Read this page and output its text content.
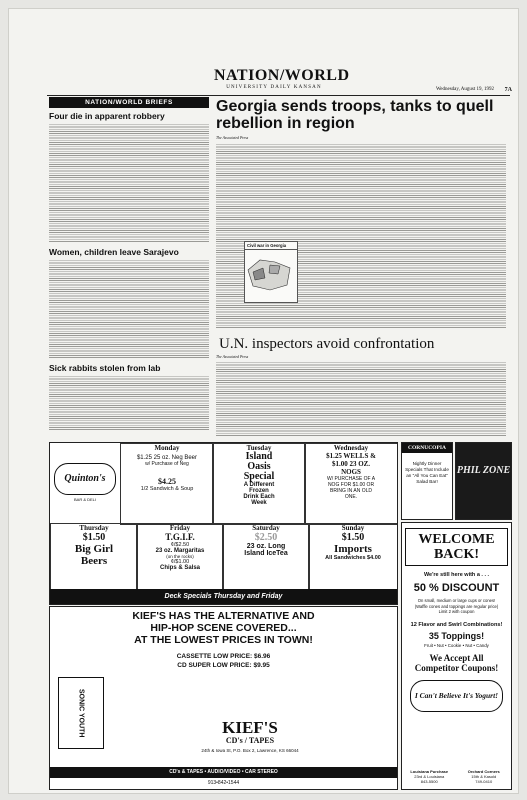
NATION/WORLD
UNIVERSITY DAILY KANSAN	Wednesday, August 19, 1992 7A
NATION/WORLD BRIEFS
Four die in apparent robbery
Women, children leave Sarajevo
Sick rabbits stolen from lab
Georgia sends troops, tanks to quell rebellion in region
The Associated Press
Civil war in Georgia
U.N. inspectors avoid confrontation
The Associated Press
Quinton's
BAR & DELI
Monday
$1.25 25 oz. Neg Beer
w/ Purchase of Neg
$4.25
1/2 Sandwich & Soup
Tuesday
Island
Oasis
Special
A Different
Frozen
Drink Each
Week
Wednesday
$1.25 WELLS &
$1.00 23 OZ.
NOGS
W/ PURCHASE OF A
NOG FOR $1.00 OR
BRING IN AN OLD
ONE.
Thursday
$1.50
Big Girl
Beers
Friday
T.G.I.F.
¢/$2.50
23 oz. Margaritas
(on the rocks)
¢/$1.00
Chips & Salsa
Saturday
$2.50
23 oz. Long
Island IceTea
Sunday
$1.50
Imports
All Sandwiches $4.00
Deck Specials Thursday and Friday
CORNUCOPIA
Nightly Dinner
Specials That Include
an "All You Can Eat"
Salad Bar!
PHIL ZONE
KIEF'S HAS THE ALTERNATIVE AND
HIP-HOP SCENE COVERED...
AT THE LOWEST PRICES IN TOWN!
CASSETTE LOW PRICE: $6.96
CD SUPER LOW PRICE: $9.95
SONIC YOUTH	KIEF'S
CD's / TAPES
24th & Iowa St, P.O. Box 2, Lawrence, KS 66044
CD's & TAPES • AUDIO/VIDEO • CAR STEREO
913•842•1544
WELCOME BACK!
We're still here with a . . .
50 % DISCOUNT
On small, medium or large cups or cones!
(Waffle cones and toppings are regular price)
Limit 2 with coupon
12 Flavor and Swirl Combinations!
35 Toppings!
Fruit • Nut • Cookie • Nut • Candy
We Accept All
Competitor Coupons!
I Can't Believe It's Yogurt!
Louisiana Purchase
23rd & Louisiana
843-5500
Orchard Corners
15th & Kasold
749-0410
